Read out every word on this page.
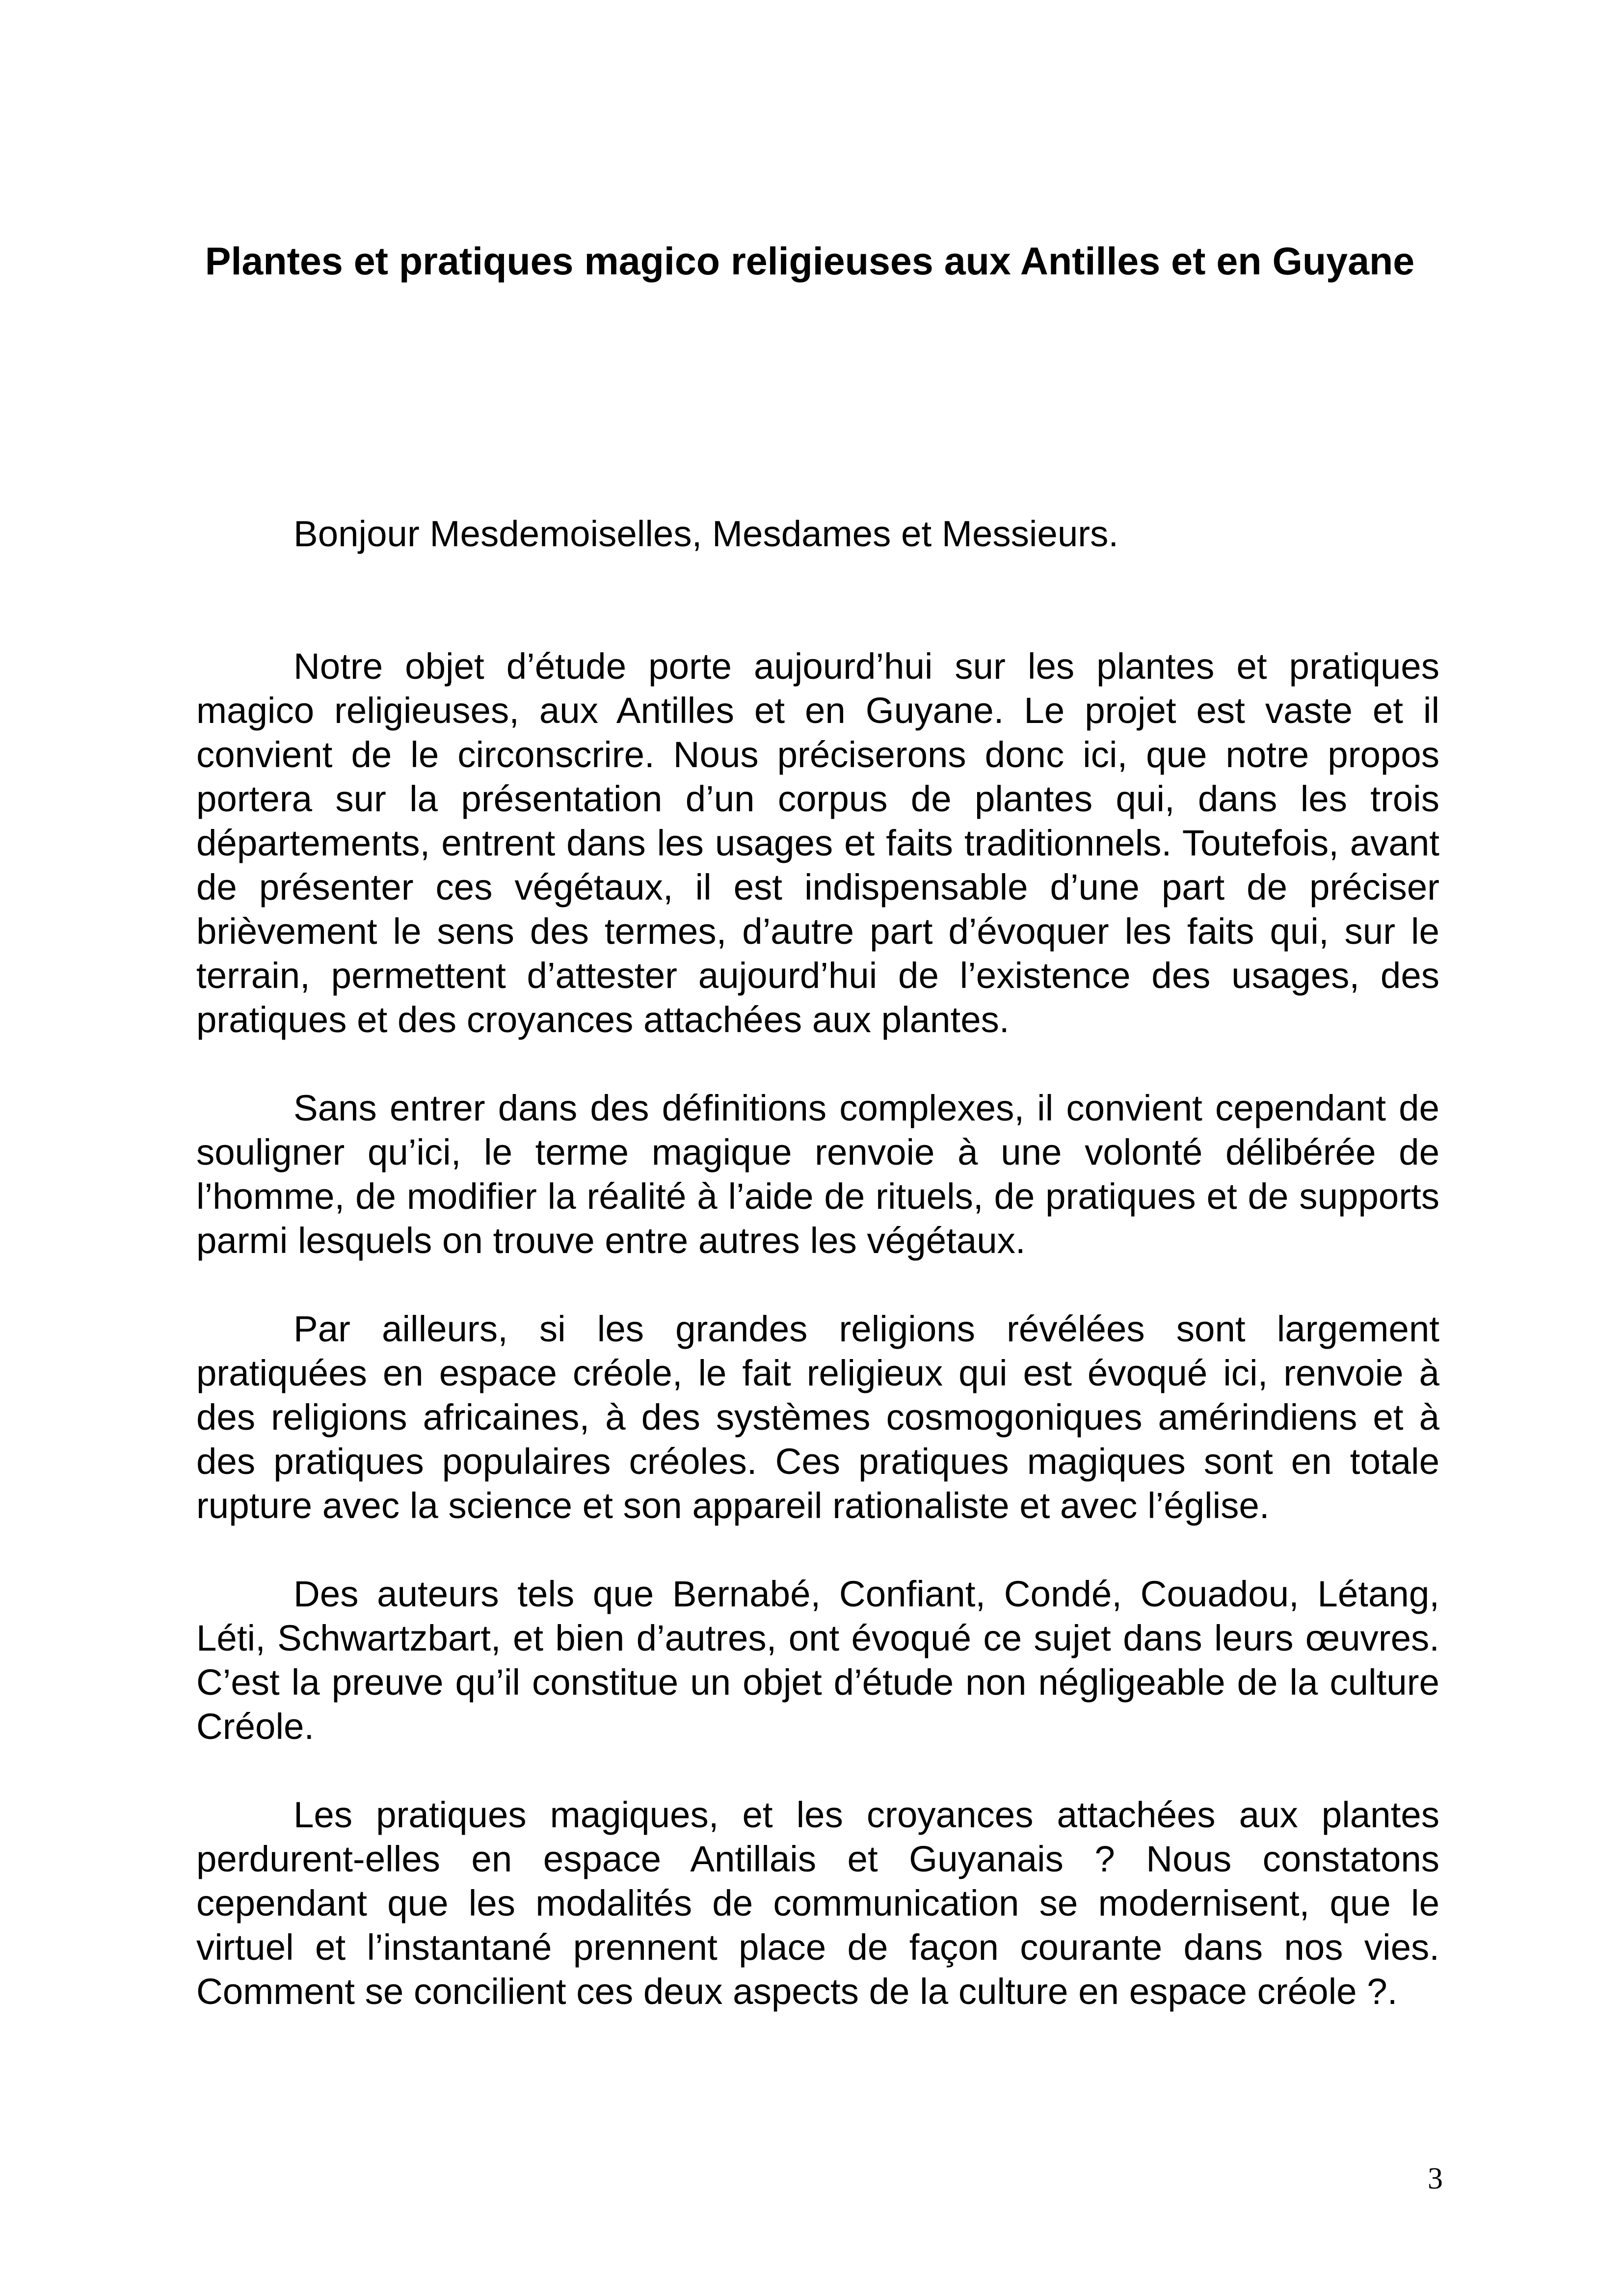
Plantes et pratiques magico religieuses aux Antilles et en Guyane

Bonjour Mesdemoiselles, Mesdames et Messieurs.

Notre objet d’étude porte aujourd’hui sur les plantes et pratiques magico religieuses, aux Antilles et en Guyane. Le projet est vaste et il convient de le circonscrire. Nous préciserons donc ici, que notre propos portera sur la présentation d’un corpus de plantes qui, dans les trois départements, entrent dans les usages et faits traditionnels. Toutefois, avant de présenter ces végétaux, il est indispensable d’une part de préciser brièvement le sens des termes, d’autre part d’évoquer les faits qui, sur le terrain, permettent d’attester aujourd’hui de l’existence des usages, des pratiques et des croyances attachées aux plantes.

Sans entrer dans des définitions complexes, il convient cependant de souligner qu’ici, le terme magique renvoie à une volonté délibérée de l’homme, de modifier la réalité à l’aide de rituels, de pratiques et de supports parmi lesquels on trouve entre autres les végétaux.

Par ailleurs, si les grandes religions révélées sont largement pratiquées en espace créole, le fait religieux qui est évoqué ici, renvoie à des religions africaines, à des systèmes cosmogoniques amérindiens et à des pratiques populaires créoles. Ces pratiques magiques sont en totale rupture avec la science et son appareil rationaliste et avec l’église.

Des auteurs tels que Bernabé, Confiant, Condé, Couadou, Létang, Léti, Schwartzbart, et bien d’autres, ont évoqué ce sujet dans leurs œuvres. C’est la preuve qu’il constitue un objet d’étude non négligeable de la culture Créole.

Les pratiques magiques, et les croyances attachées aux plantes perdurent-elles en espace Antillais et Guyanais ? Nous constatons cependant que les modalités de communication se modernisent, que le virtuel et l’instantané prennent place de façon courante dans nos vies. Comment se concilient ces deux aspects de la culture en espace créole ?.

3
